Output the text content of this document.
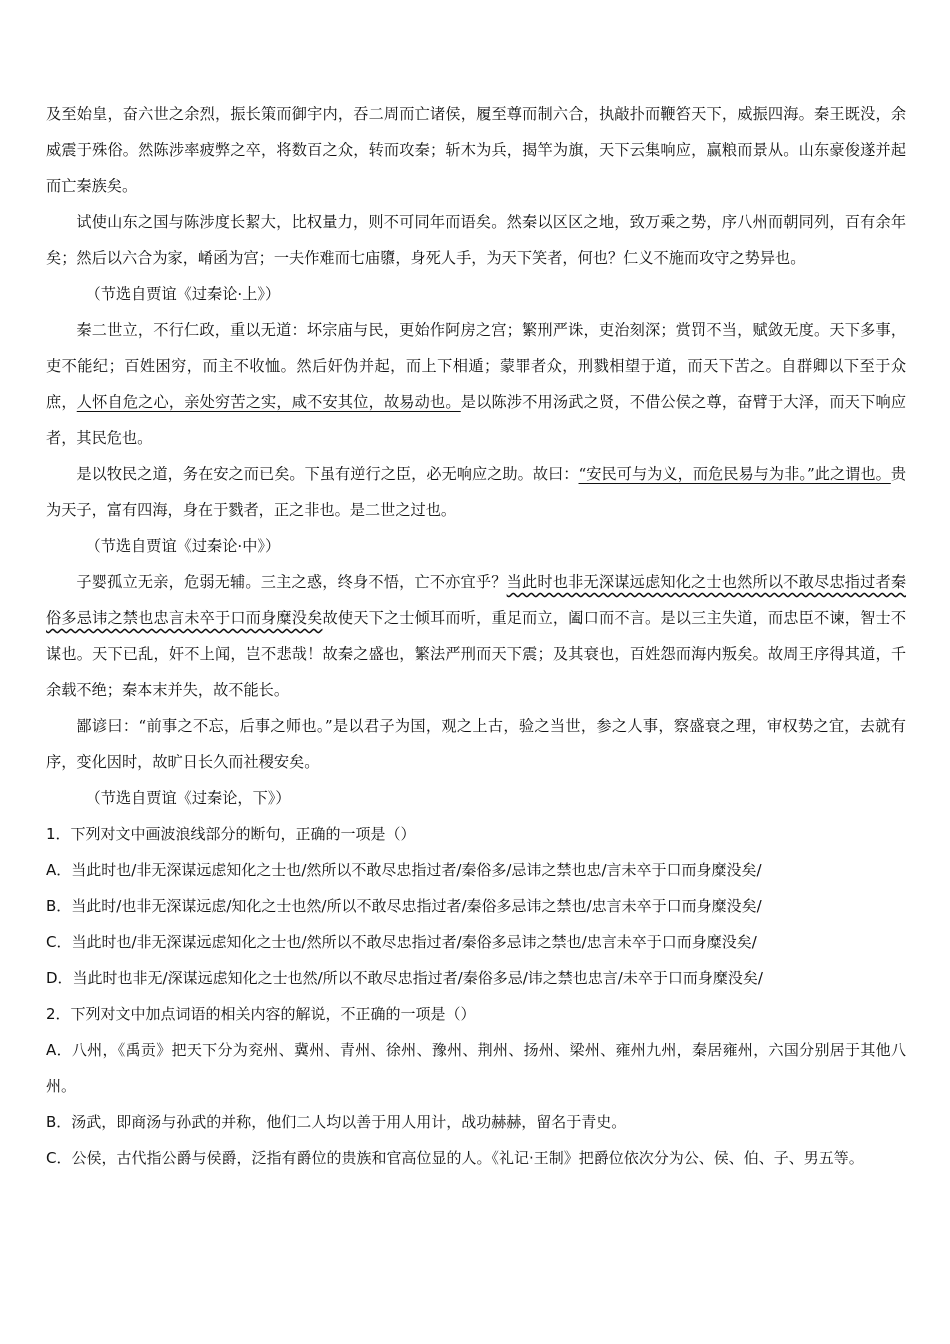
及至始皇，奋六世之余烈，振长策而御宇内，吞二周而亡诸侯，履至尊而制六合，执敲扑而鞭笞天下，威振四海。秦王既没，余威震于殊俗。然陈涉率疲弊之卒，将数百之众，转而攻秦；斩木为兵，揭竿为旗，天下云集响应，赢粮而景从。山东豪俊遂并起而亡秦族矣。

试使山东之国与陈涉度长絜大，比权量力，则不可同年而语矣。然秦以区区之地，致万乘之势，序八州而朝同列，百有余年矣；然后以六合为家，崤函为宫；一夫作难而七庙隳，身死人手，为天下笑者，何也？仁义不施而攻守之势异也。

（节选自贾谊《过秦论·上》）

秦二世立，不行仁政，重以无道：坏宗庙与民，更始作阿房之宫；繁刑严诛，吏治刻深；赏罚不当，赋敛无度。天下多事，吏不能纪；百姓困穷，而主不收恤。然后奸伪并起，而上下相遁；蒙罪者众，刑戮相望于道，而天下苦之。自群卿以下至于众庶，人怀自危之心，亲处穷苦之实，咸不安其位，故易动也。是以陈涉不用汤武之贤，不借公侯之尊，奋臂于大泽，而天下响应者，其民危也。

是以牧民之道，务在安之而已矣。下虽有逆行之臣，必无响应之助。故曰：“安民可与为义，而危民易与为非。”此之谓也。贵为天子，富有四海，身在于戮者，正之非也。是二世之过也。

（节选自贾谊《过秦论·中》）

子婴孤立无亲，危弱无辅。三主之惑，终身不悟，亡不亦宜乎？当此时也非无深谋远虑知化之士也然所以不敢尽忠指过者秦俗多忌讳之禁也忠言未卒于口而身糜没矣故使天下之士倾耳而听，重足而立，阖口而不言。是以三主失道，而忠臣不谏，智士不谋也。天下已乱，奸不上闻，岂不悲哉！故秦之盛也，繁法严刑而天下震；及其衰也，百姓怨而海内叛矣。故周王序得其道，千余载不绝；秦本末并失，故不能长。

鄙谚曰：“前事之不忘，后事之师也。”是以君子为国，观之上古，验之当世，参之人事，察盛衰之理，审权势之宜，去就有序，变化因时，故旷日长久而社稷安矣。

（节选自贾谊《过秦论，下》）

1．下列对文中画波浪线部分的断句，正确的一项是（）

A．当此时也/非无深谋远虑知化之士也/然所以不敢尽忠指过者/秦俗多/忌讳之禁也忠/言未卒于口而身糜没矣/

B．当此时/也非无深谋远虑/知化之士也然/所以不敢尽忠指过者/秦俗多忌讳之禁也/忠言未卒于口而身糜没矣/

C．当此时也/非无深谋远虑知化之士也/然所以不敢尽忠指过者/秦俗多忌讳之禁也/忠言未卒于口而身糜没矣/

D．当此时也非无/深谋远虑知化之士也然/所以不敢尽忠指过者/秦俗多忌/讳之禁也忠言/未卒于口而身糜没矣/

2．下列对文中加点词语的相关内容的解说，不正确的一项是（）

A．八州，《禹贡》把天下分为兖州、冀州、青州、徐州、豫州、荆州、扬州、梁州、雍州九州，秦居雍州，六国分别居于其他八州。

B．汤武，即商汤与孙武的并称，他们二人均以善于用人用计，战功赫赫，留名于青史。

C．公侯，古代指公爵与侯爵，泛指有爵位的贵族和官高位显的人。《礼记·王制》把爵位依次分为公、侯、伯、子、男五等。
